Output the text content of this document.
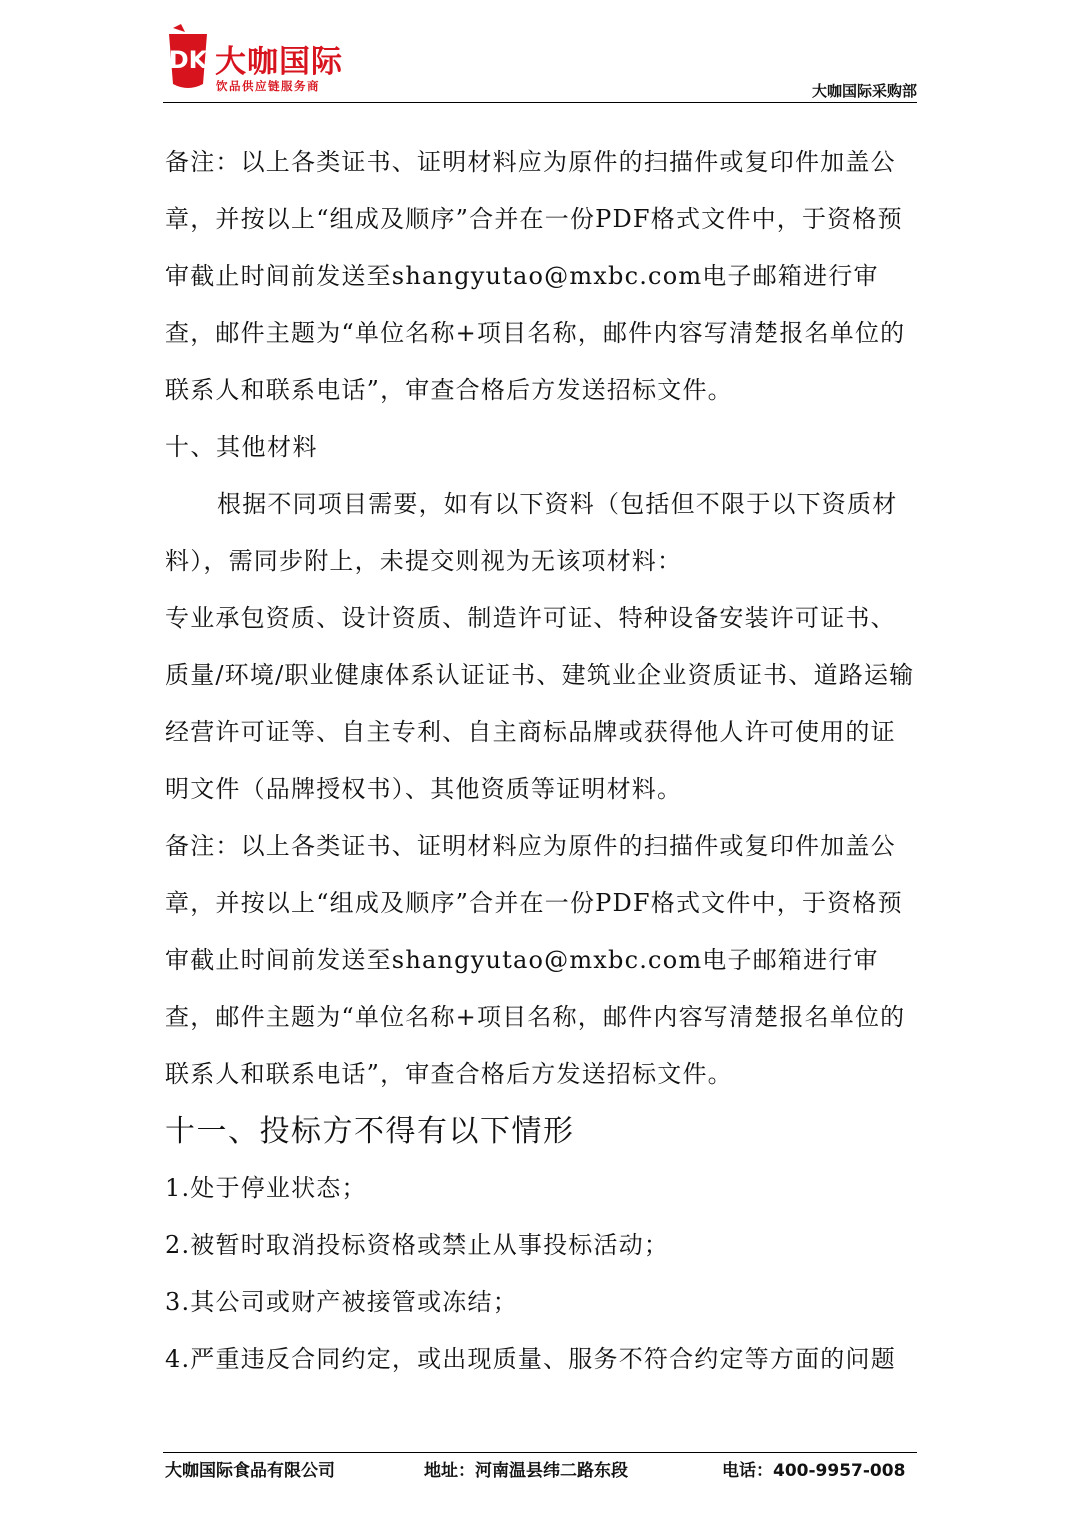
DK 大咖国际
饮品供应链服务商	大咖国际采购部

备注：以上各类证书、证明材料应为原件的扫描件或复印件加盖公章，并按以上“组成及顺序”合并在一份PDF格式文件中，于资格预审截止时间前发送至shangyutao@mxbc.com电子邮箱进行审查，邮件主题为“单位名称+项目名称，邮件内容写清楚报名单位的联系人和联系电话”，审查合格后方发送招标文件。

十、其他材料

根据不同项目需要，如有以下资料（包括但不限于以下资质材料），需同步附上，未提交则视为无该项材料：

专业承包资质、设计资质、制造许可证、特种设备安装许可证书、质量/环境/职业健康体系认证证书、建筑业企业资质证书、道路运输经营许可证等、自主专利、自主商标品牌或获得他人许可使用的证明文件（品牌授权书）、其他资质等证明材料。

备注：以上各类证书、证明材料应为原件的扫描件或复印件加盖公章，并按以上“组成及顺序”合并在一份PDF格式文件中，于资格预审截止时间前发送至shangyutao@mxbc.com电子邮箱进行审查，邮件主题为“单位名称+项目名称，邮件内容写清楚报名单位的联系人和联系电话”，审查合格后方发送招标文件。

十一、投标方不得有以下情形

1.处于停业状态；

2.被暂时取消投标资格或禁止从事投标活动；

3.其公司或财产被接管或冻结；

4.严重违反合同约定，或出现质量、服务不符合约定等方面的问题

大咖国际食品有限公司	地址：河南温县纬二路东段	电话：400-9957-008
